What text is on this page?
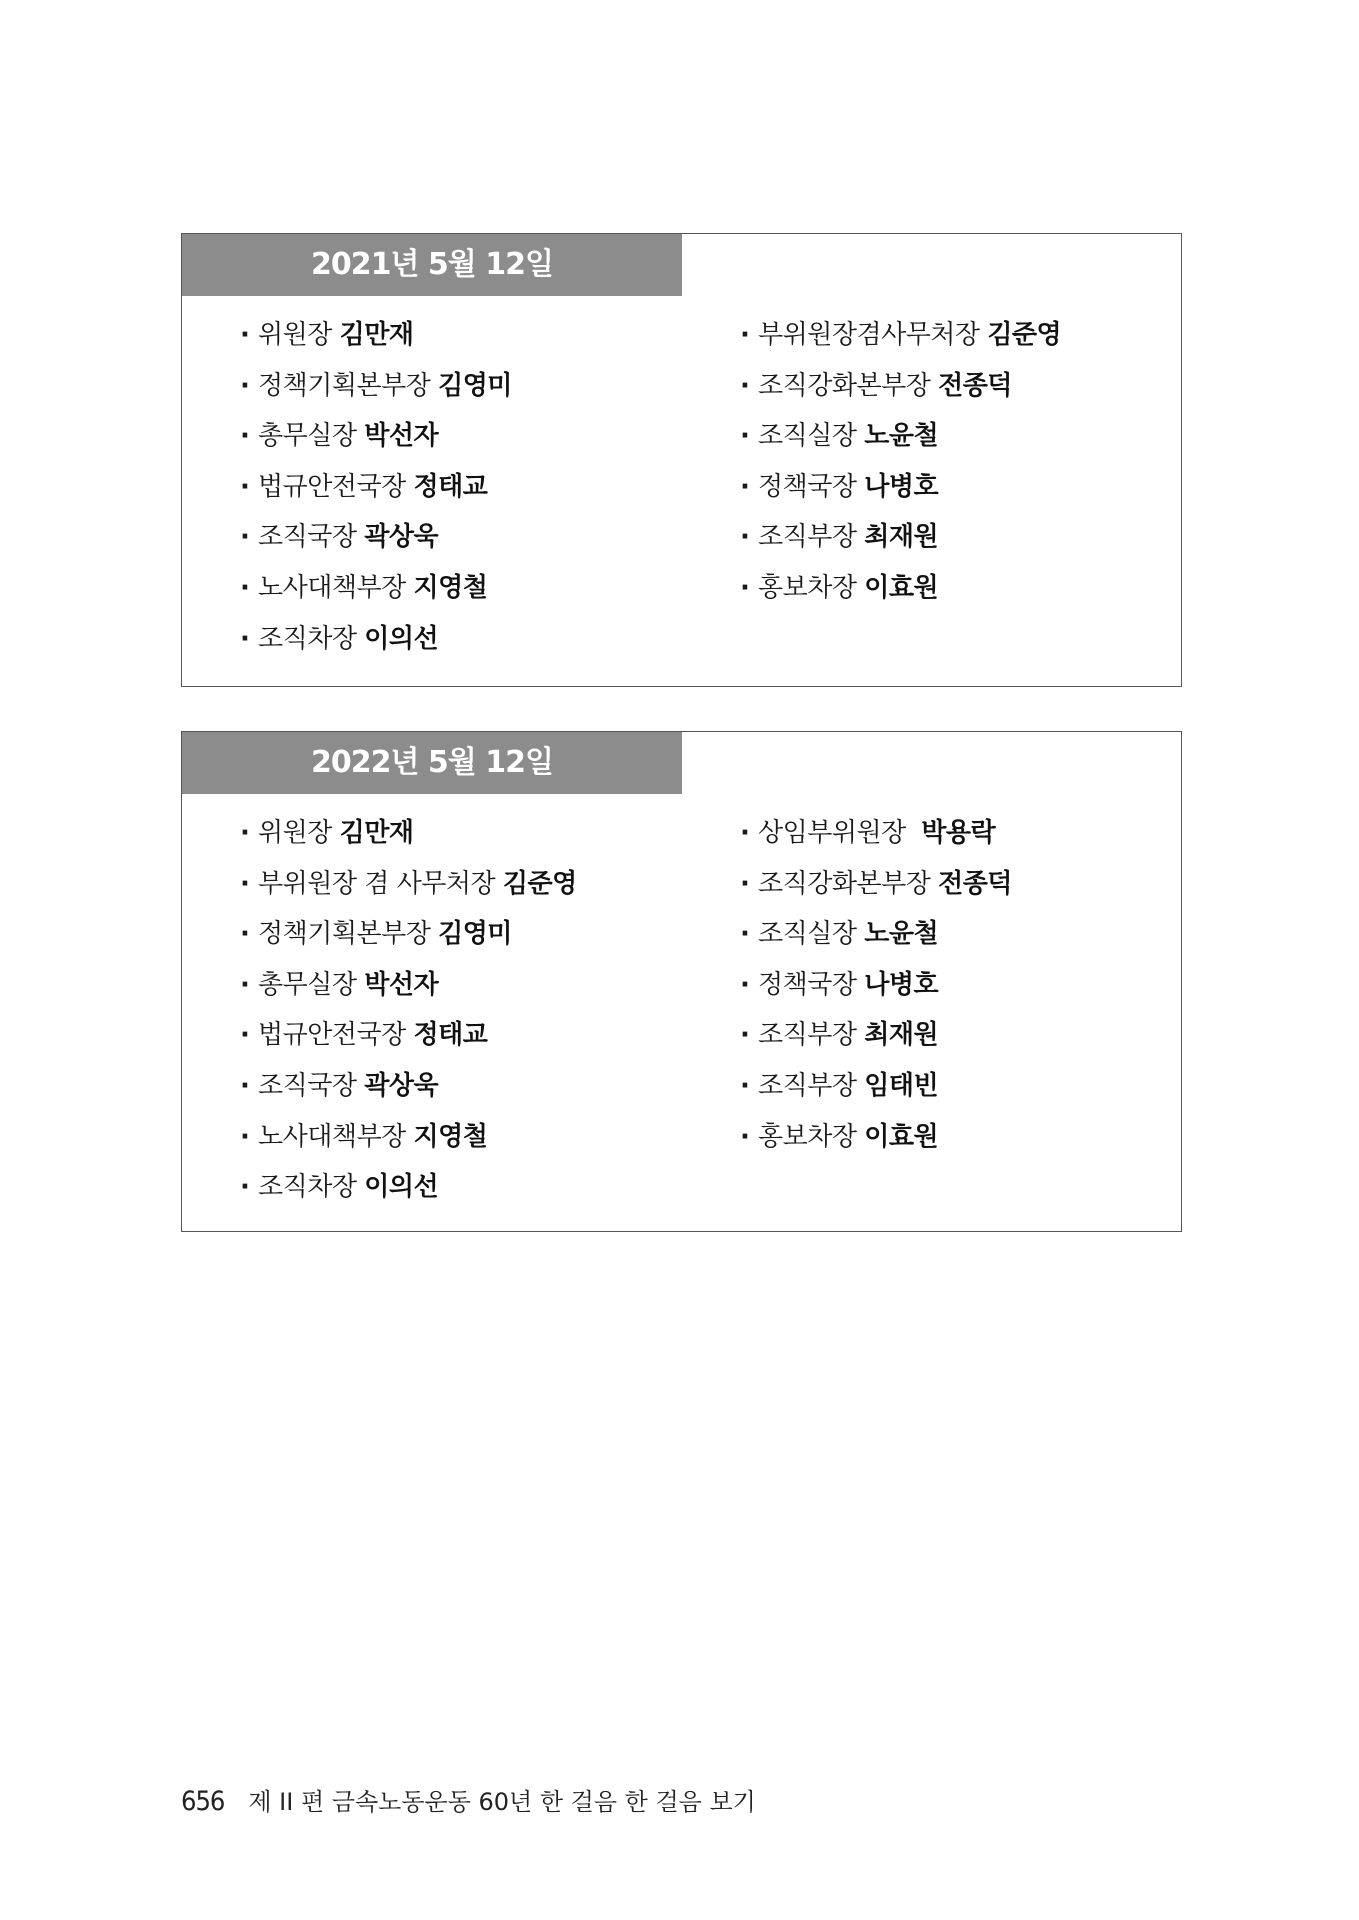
2021년 5월 12일
· 위원장 김만재
· 정책기획본부장 김영미
· 총무실장 박선자
· 법규안전국장 정태교
· 조직국장 곽상욱
· 노사대책부장 지영철
· 조직차장 이의선
· 부위원장겸사무처장 김준영
· 조직강화본부장 전종덕
· 조직실장 노윤철
· 정책국장 나병호
· 조직부장 최재원
· 홍보차장 이효원
2022년 5월 12일
· 위원장 김만재
· 부위원장 겸 사무처장 김준영
· 정책기획본부장 김영미
· 총무실장 박선자
· 법규안전국장 정태교
· 조직국장 곽상욱
· 노사대책부장 지영철
· 조직차장 이의선
· 상임부위원장 박용락
· 조직강화본부장 전종덕
· 조직실장 노윤철
· 정책국장 나병호
· 조직부장 최재원
· 조직부장 임태빈
· 홍보차장 이효원
656 제 II 편 금속노동운동 60년 한 걸음 한 걸음 보기
